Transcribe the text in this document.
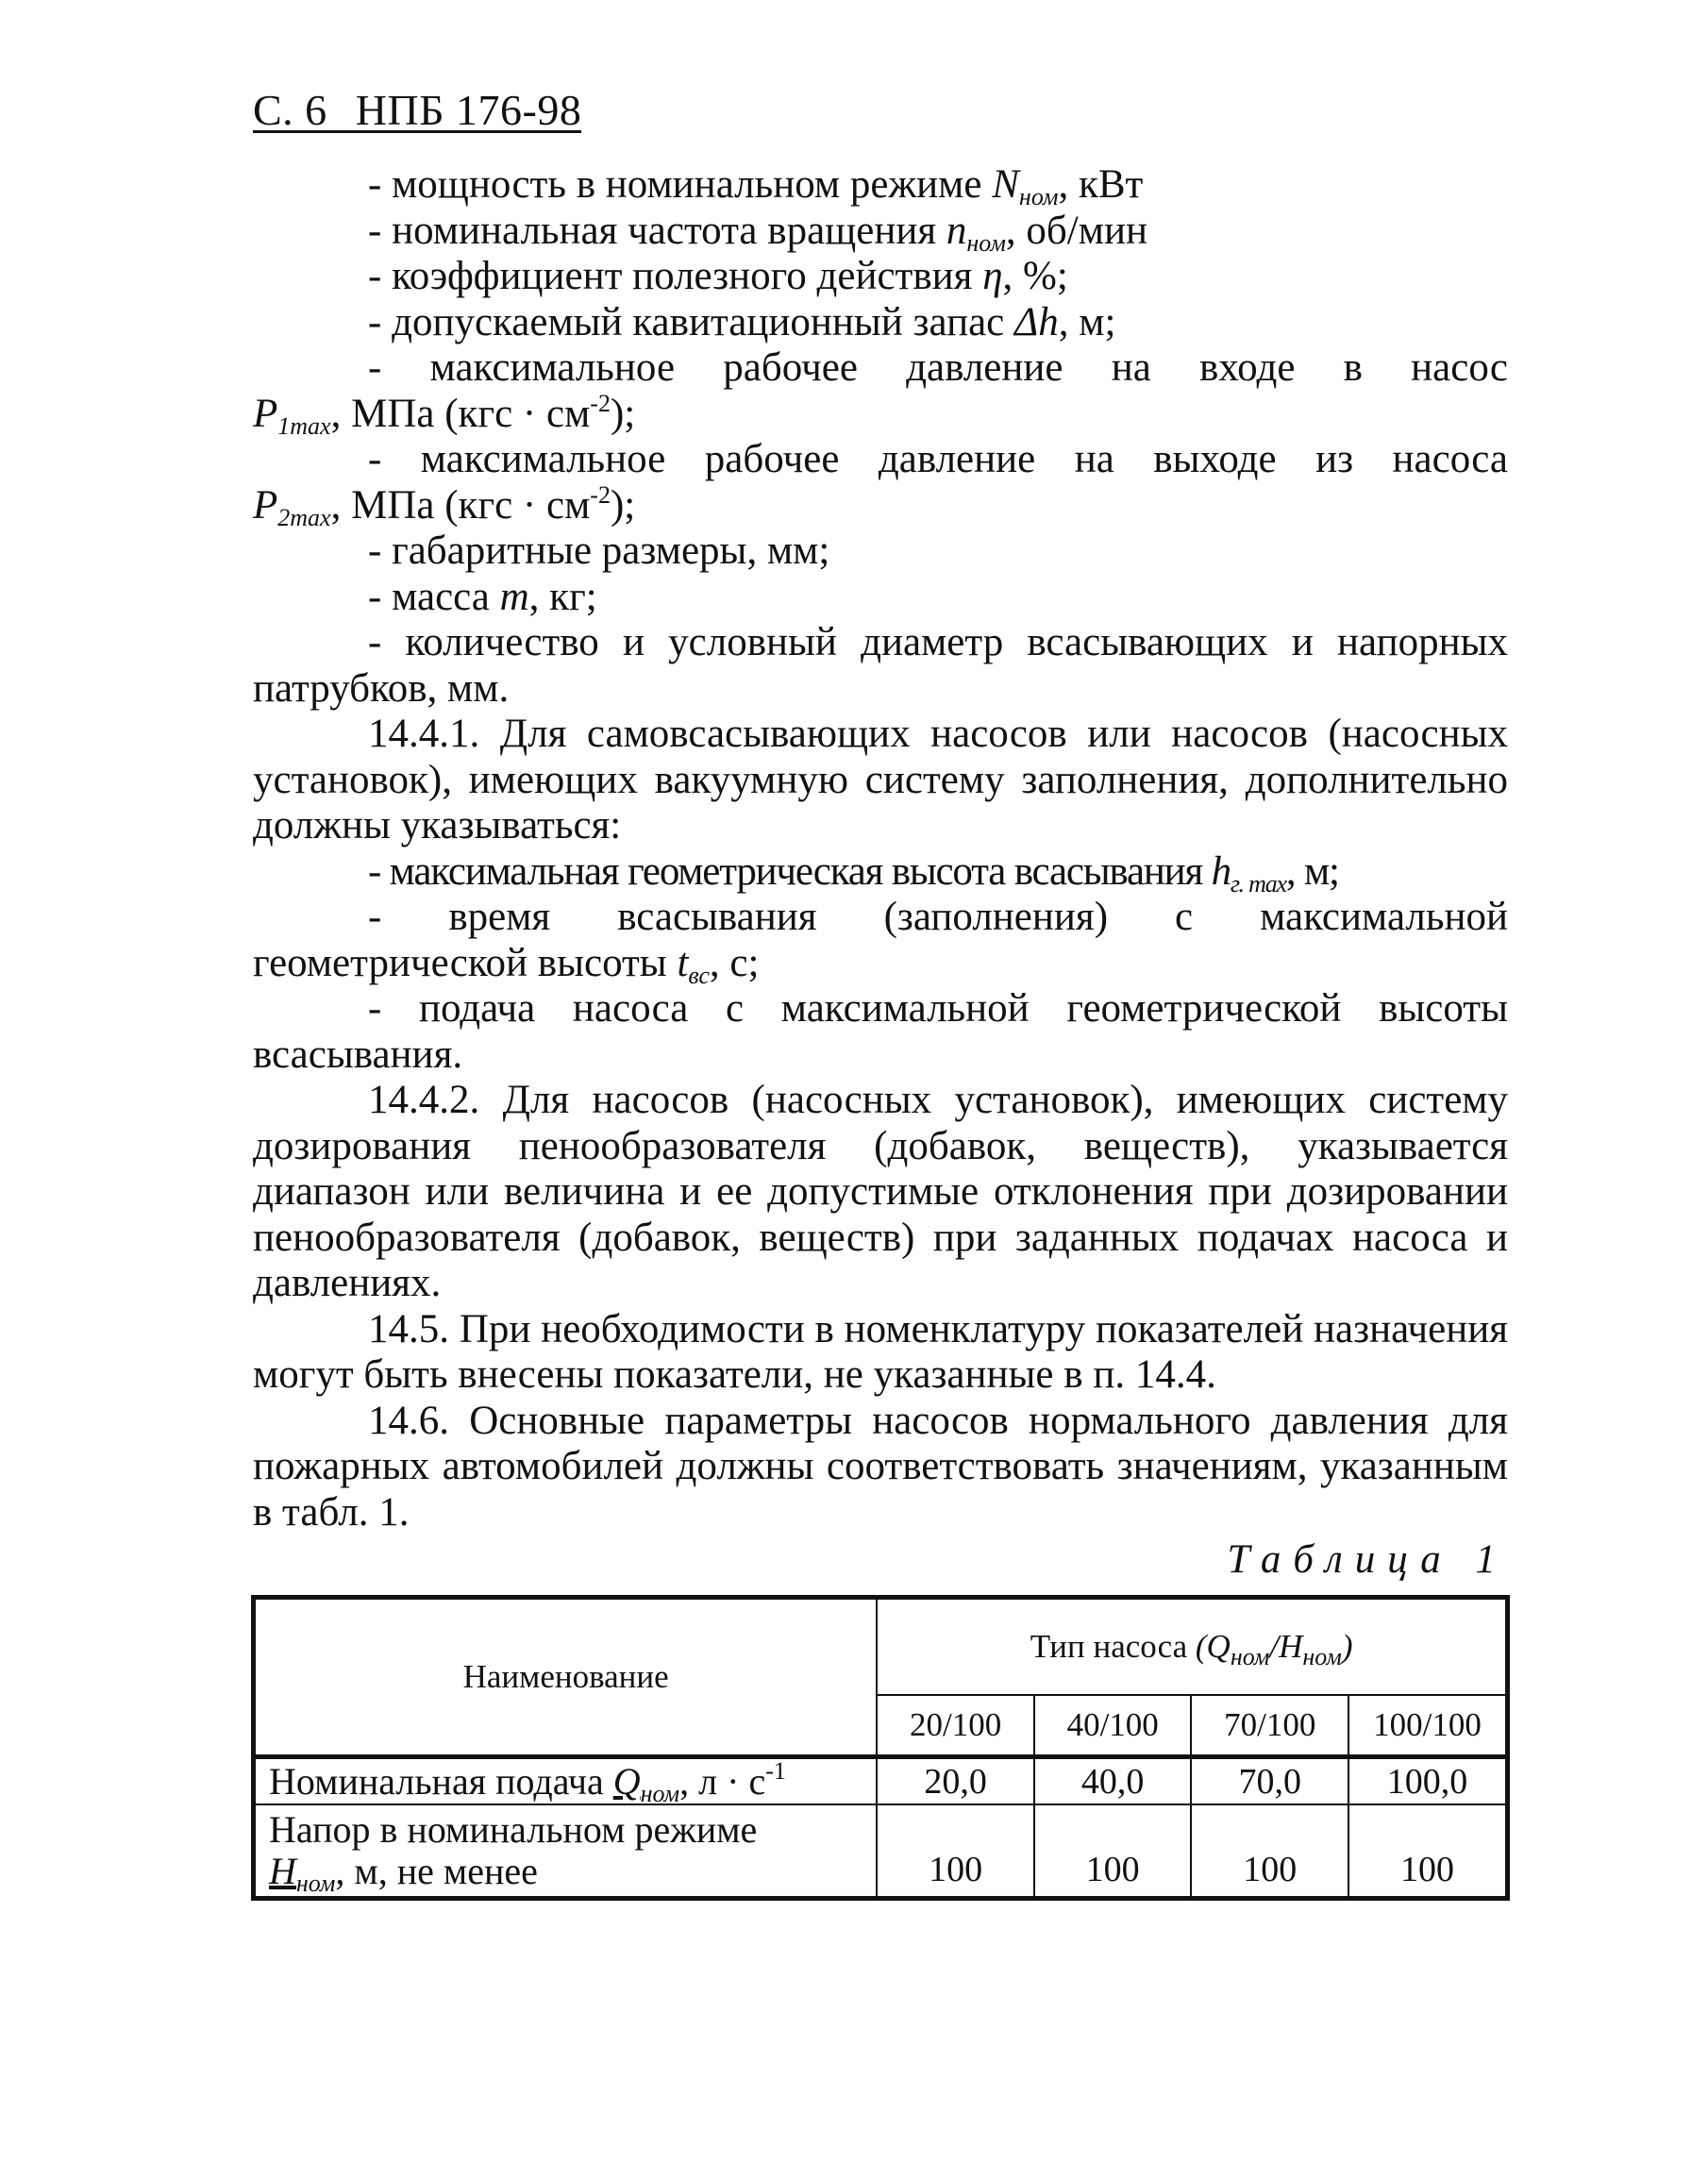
С. 6 НПБ 176-98

- мощность в номинальном режиме $N_{ном}$, кВт

- номинальная частота вращения $n_{ном}$, об/мин

- коэффициент полезного действия η, %;

- допускаемый кавитационный запас Δh, м;

- максимальное рабочее давление на входе в насос

$P_{1max}$, МПа $(кгс \cdot см^{-2})$;

- максимальное рабочее давление на выходе из насоса

$P_{2max}$, МПа $(кгс \cdot см^{-2})$;

- габаритные размеры, мм;

- масса m, кг;

- количество и условный диаметр всасывающих и напорных патрубков, мм.

14.4.1. Для самовсасывающих насосов или насосов (насосных установок), имеющих вакуумную систему заполнения, дополнительно должны указываться:

- максимальная геометрическая высота всасывания $h_{г. max}$, м;

- время всасывания (заполнения) с максимальной геометрической высоты $t_{вс}$, с;

- подача насоса с максимальной геометрической высоты всасывания.

14.4.2. Для насосов (насосных установок), имеющих систему дозирования пенообразователя (добавок, веществ), указывается диапазон или величина и ее допустимые отклонения при дозировании пенообразователя (добавок, веществ) при заданных подачах насоса и давлениях.

14.5. При необходимости в номенклатуру показателей назначения могут быть внесены показатели, не указанные в п. 14.4.

14.6. Основные параметры насосов нормального давления для пожарных автомобилей должны соответствовать значениям, указанным в табл. 1.

Таблица 1
Наименование	Тип насоса $(Q_{ном}/H_{ном})$			
	20/100	40/100	70/100	100/100
Номинальная подача $Q_{ном}$, $л \cdot с^{-1}$	20,0	40,0	70,0	100,0
Напор в номинальном режиме
$H_{ном}$, м, не менее	100	100	100	100
